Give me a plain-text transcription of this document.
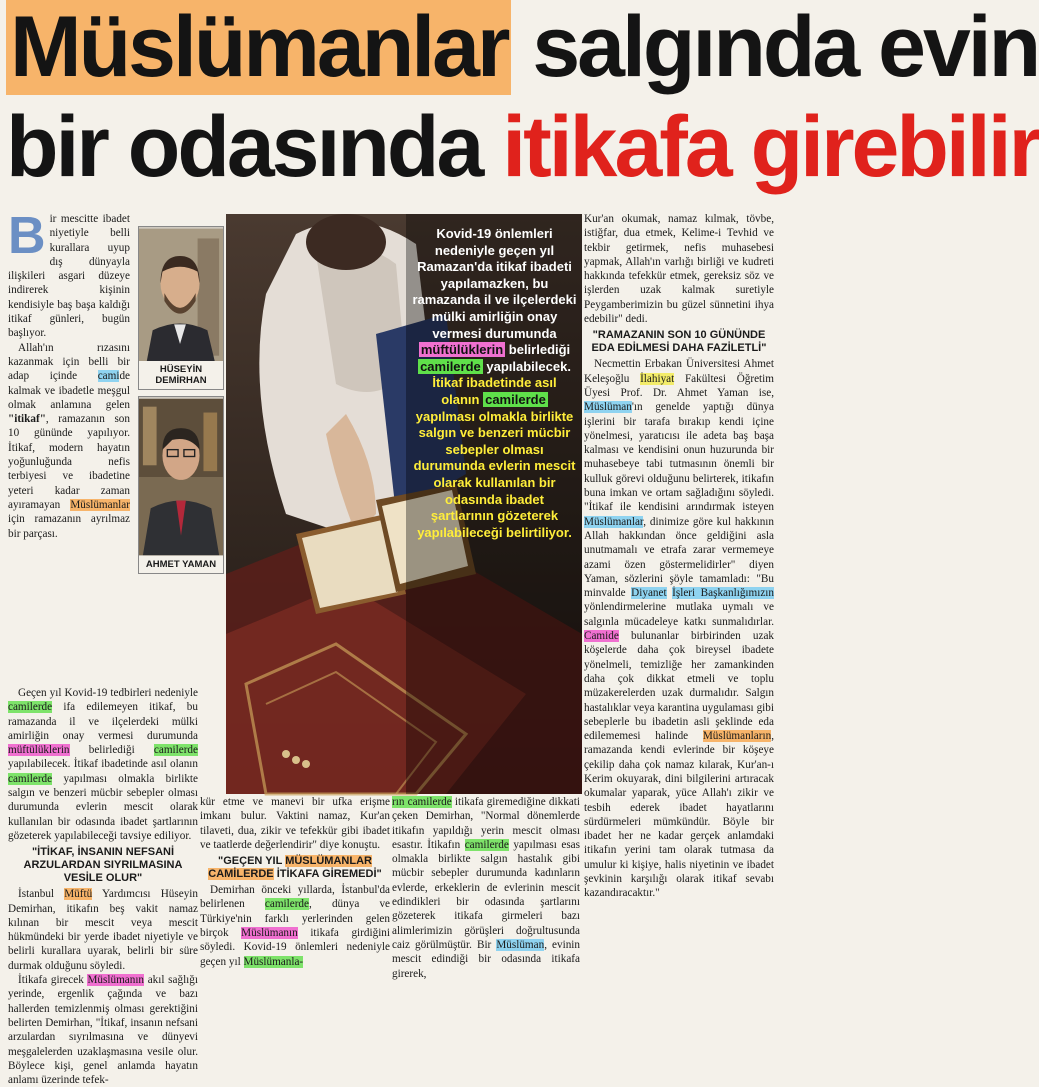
Müslümanlar salgında evin
bir odasında itikafa girebilir
B ir mescitte ibadet niyetiyle belli kurallara uyup dış dünyayla ilişkileri asgari düzeye indirerek kişinin kendisiyle baş başa kaldığı itikaf günleri, bugün başlıyor.

Allah'ın rızasını kazanmak için belli bir adap içinde camide kalmak ve ibadetle meşgul olmak anlamına gelen "itikaf", ramazanın son 10 gününde yapılıyor. İtikaf, modern hayatın yoğunluğunda nefis terbiyesi ve ibadetine yeteri kadar zaman ayıramayan Müslümanlar için ramazanın ayrılmaz bir parçası.

HÜSEYİN DEMİRHAN
AHMET YAMAN
Kovid-19 önlemleri nedeniyle geçen yıl Ramazan'da itikaf ibadeti yapılamazken, bu ramazanda il ve ilçelerdeki mülki amirliğin onay vermesi durumunda müftülüklerin belirlediği camilerde yapılabilecek. İtikaf ibadetinde asıl olanın camilerde yapılması olmakla birlikte salgın ve benzeri mücbir sebepler olması durumunda evlerin mescit olarak kullanılan bir odasında ibadet şartlarının gözeterek yapılabileceği belirtiliyor.

Geçen yıl Kovid-19 tedbirleri nedeniyle camilerde ifa edilemeyen itikaf, bu ramazanda il ve ilçelerdeki mülki amirliğin onay vermesi durumunda müftülüklerin belirlediği camilerde yapılabilecek. İtikaf ibadetinde asıl olanın camilerde yapılması olmakla birlikte salgın ve benzeri mücbir sebepler olması durumunda evlerin mescit olarak kullanılan bir odasında ibadet şartlarının gözeterek yapılabileceği tavsiye ediliyor.

"İTİKAF, İNSANIN NEFSANİ ARZULARDAN SIYRILMASINA VESİLE OLUR"

İstanbul Müftü Yardımcısı Hüseyin Demirhan, itikafın beş vakit namaz kılınan bir mescit veya mescit hükmündeki bir yerde ibadet niyetiyle ve belirli kurallara uyarak, belirli bir süre durmak olduğunu söyledi.

İtikafa girecek Müslümanın akıl sağlığı yerinde, ergenlik çağında ve bazı hallerden temizlenmiş olması gerektiğini belirten Demirhan, "İtikaf, insanın nefsani arzulardan sıyrılmasına ve dünyevi meşgalelerden uzaklaşmasına vesile olur. Böylece kişi, genel anlamda hayatın anlamı üzerinde tefek-

kür etme ve manevi bir ufka erişme imkanı bulur. Vaktini namaz, Kur'an tilaveti, dua, zikir ve tefekkür gibi ibadet ve taatlerde değerlendirir" diye konuştu.

"GEÇEN YIL MÜSLÜMANLAR CAMİLERDE İTİKAFA GİREMEDİ"

Demirhan önceki yıllarda, İstanbul'da belirlenen camilerde, dünya ve Türkiye'nin farklı yerlerinden gelen birçok Müslümanın itikafa girdiğini söyledi. Kovid-19 önlemleri nedeniyle geçen yıl Müslümanla-

rın camilerde itikafa giremediğine dikkati çeken Demirhan, "Normal dönemlerde itikafın yapıldığı yerin mescit olması esastır. İtikafın camilerde yapılması esas olmakla birlikte salgın hastalık gibi mücbir sebepler durumunda kadınların evlerde, erkeklerin de evlerinin mescit edindikleri bir odasında şartlarını gözeterek itikafa girmeleri bazı alimlerimizin görüşleri doğrultusunda caiz görülmüştür. Bir Müslüman, evinin mescit edindiği bir odasında itikafa girerek,

Kur'an okumak, namaz kılmak, tövbe, istiğfar, dua etmek, Kelime-i Tevhid ve tekbir getirmek, nefis muhasebesi yapmak, Allah'ın varlığı birliği ve kudreti hakkında tefekkür etmek, gereksiz söz ve işlerden uzak kalmak suretiyle Peygamberimizin bu güzel sünnetini ihya edebilir" dedi.

"RAMAZANIN SON 10 GÜNÜNDE EDA EDİLMESİ DAHA FAZİLETLİ"

Necmettin Erbakan Üniversitesi Ahmet Keleşoğlu İlahiyat Fakültesi Öğretim Üyesi Prof. Dr. Ahmet Yaman ise, Müslüman'ın genelde yaptığı dünya işlerini bir tarafa bırakıp kendi içine yönelmesi, yaratıcısı ile adeta baş başa kalması ve kendisini onun huzurunda bir muhasebeye tabi tutmasının önemli bir kulluk görevi olduğunu belirterek, itikafın buna imkan ve ortam sağladığını söyledi. "İtikaf ile kendisini arındırmak isteyen Müslümanlar, dinimize göre kul hakkının Allah hakkından önce geldiğini asla unutmamalı ve etrafa zarar vermemeye azami özen göstermelidirler" diyen Yaman, sözlerini şöyle tamamladı: "Bu minvalde Diyanet İşleri Başkanlığımızın yönlendirmelerine mutlaka uymalı ve salgınla mücadeleye katkı sunmalıdırlar. Camide bulunanlar birbirinden uzak köşelerde daha çok bireysel ibadete yönelmeli, temizliğe her zamankinden daha çok dikkat etmeli ve toplu müzakerelerden uzak durmalıdır. Salgın hastalıklar veya karantina uygulaması gibi sebeplerle bu ibadetin asli şeklinde eda edilememesi halinde Müslümanların, ramazanda kendi evlerinde bir köşeye çekilip daha çok namaz kılarak, Kur'an-ı Kerim okuyarak, dini bilgilerini artıracak okumalar yaparak, yüce Allah'ı zikir ve tesbih ederek ibadet hayatlarını sürdürmeleri mümkündür. Böyle bir ibadet her ne kadar gerçek anlamdaki itikafın yerini tam olarak tutmasa da umulur ki kişiye, halis niyetinin ve ibadet şevkinin karşılığı olarak itikaf sevabı kazandıracaktır."
